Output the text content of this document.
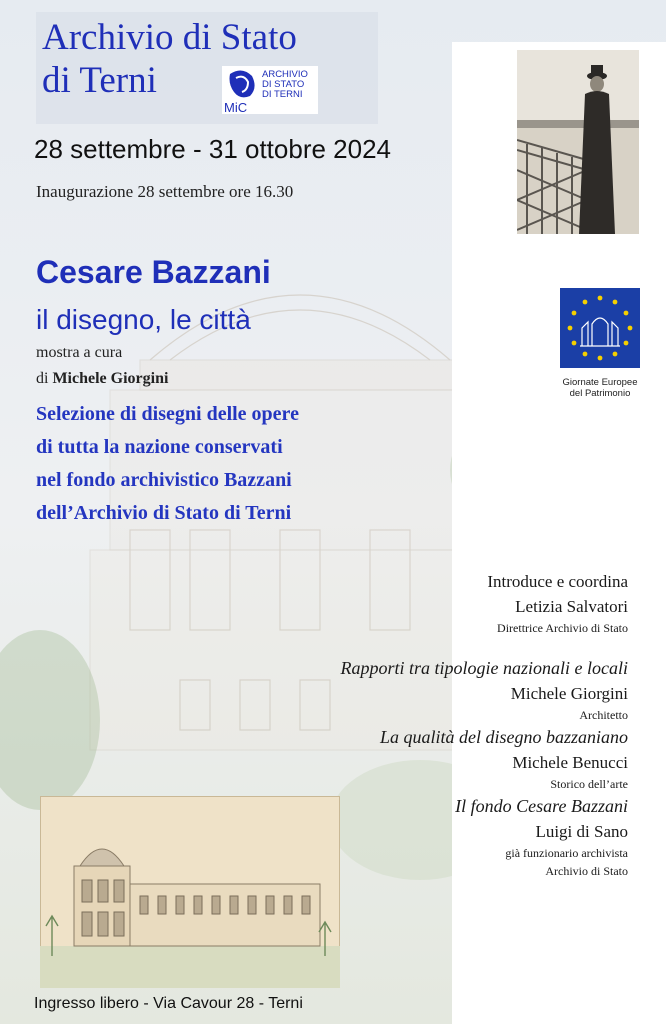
Archivio di Stato
di Terni
MiC
ARCHIVIO
DI STATO
DI TERNI
28 settembre - 31 ottobre 2024
Inaugurazione 28 settembre ore 16.30
Cesare Bazzani
il disegno, le città
mostra a cura
di Michele Giorgini
Selezione di disegni delle opere
di tutta la nazione conservati
nel fondo archivistico Bazzani
dell’Archivio di Stato di Terni
Giornate Europee
del Patrimonio
Introduce e coordina
Letizia Salvatori
Direttrice Archivio di Stato
Rapporti tra tipologie nazionali e locali
Michele Giorgini
Architetto
La qualità del disegno bazzaniano
Michele Benucci
Storico dell’arte
Il fondo Cesare Bazzani
Luigi di Sano
già funzionario archivista
Archivio di Stato
Ingresso libero - Via Cavour 28 - Terni
